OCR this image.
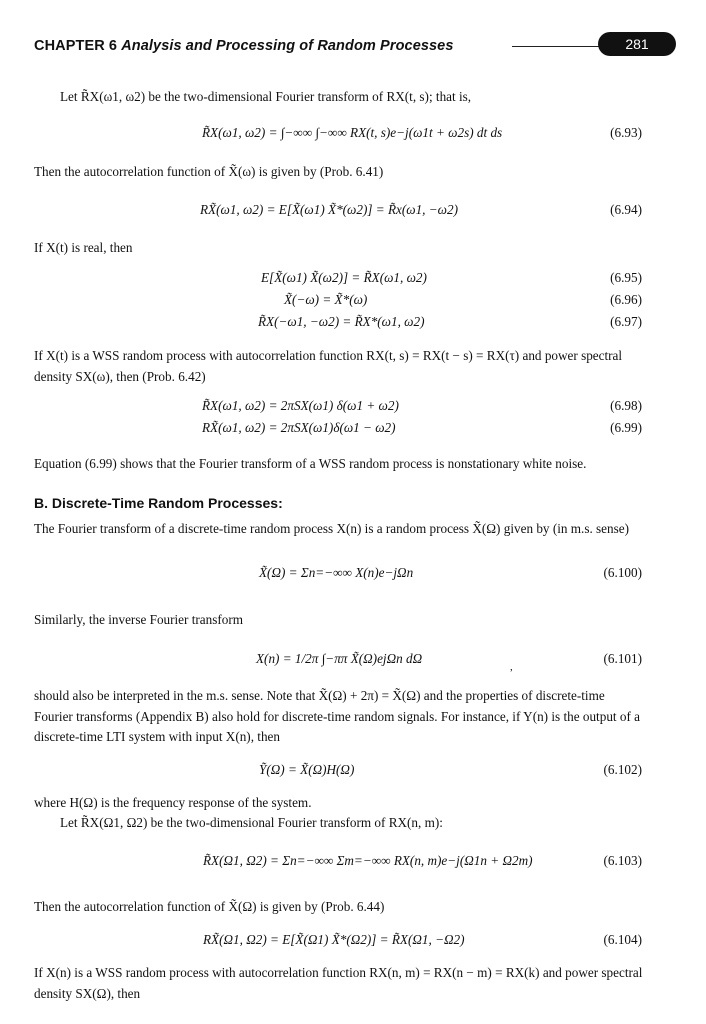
CHAPTER 6 Analysis and Processing of Random Processes	281

Let R̃X(ω1, ω2) be the two-dimensional Fourier transform of RX(t, s); that is,

R̃X(ω1, ω2) = ∫−∞∞ ∫−∞∞ RX(t, s)e−j(ω1t + ω2s) dt ds	(6.93)

Then the autocorrelation function of X̃(ω) is given by (Prob. 6.41)

RX̃(ω1, ω2) = E[X̃(ω1) X̃*(ω2)] = R̃x(ω1, −ω2)	(6.94)

If X(t) is real, then

E[X̃(ω1) X̃(ω2)] = R̃X(ω1, ω2)	(6.95)
X̃(−ω) = X̃*(ω)	(6.96)
R̃X(−ω1, −ω2) = R̃X*(ω1, ω2)	(6.97)

If X(t) is a WSS random process with autocorrelation function RX(t, s) = RX(t − s) = RX(τ) and power spectral density SX(ω), then (Prob. 6.42)

R̃X(ω1, ω2) = 2πSX(ω1) δ(ω1 + ω2)	(6.98)
RX̃(ω1, ω2) = 2πSX(ω1)δ(ω1 − ω2)	(6.99)

Equation (6.99) shows that the Fourier transform of a WSS random process is nonstationary white noise.

B. Discrete-Time Random Processes:

The Fourier transform of a discrete-time random process X(n) is a random process X̃(Ω) given by (in m.s. sense)

X̃(Ω) = Σn=−∞∞ X(n)e−jΩn	(6.100)

Similarly, the inverse Fourier transform

X(n) = 1/2π ∫−ππ X̃(Ω)ejΩn dΩ	(6.101)
,

should also be interpreted in the m.s. sense. Note that X̃(Ω) + 2π) = X̃(Ω) and the properties of discrete-time Fourier transforms (Appendix B) also hold for discrete-time random signals. For instance, if Y(n) is the output of a discrete-time LTI system with input X(n), then

Ỹ(Ω) = X̃(Ω)H(Ω)	(6.102)

where H(Ω) is the frequency response of the system.

Let R̃X(Ω1, Ω2) be the two-dimensional Fourier transform of RX(n, m):

R̃X(Ω1, Ω2) = Σn=−∞∞ Σm=−∞∞ RX(n, m)e−j(Ω1n + Ω2m)	(6.103)

Then the autocorrelation function of X̃(Ω) is given by (Prob. 6.44)

RX̃(Ω1, Ω2) = E[X̃(Ω1) X̃*(Ω2)] = R̃X(Ω1, −Ω2)	(6.104)

If X(n) is a WSS random process with autocorrelation function RX(n, m) = RX(n − m) = RX(k) and power spectral density SX(Ω), then
